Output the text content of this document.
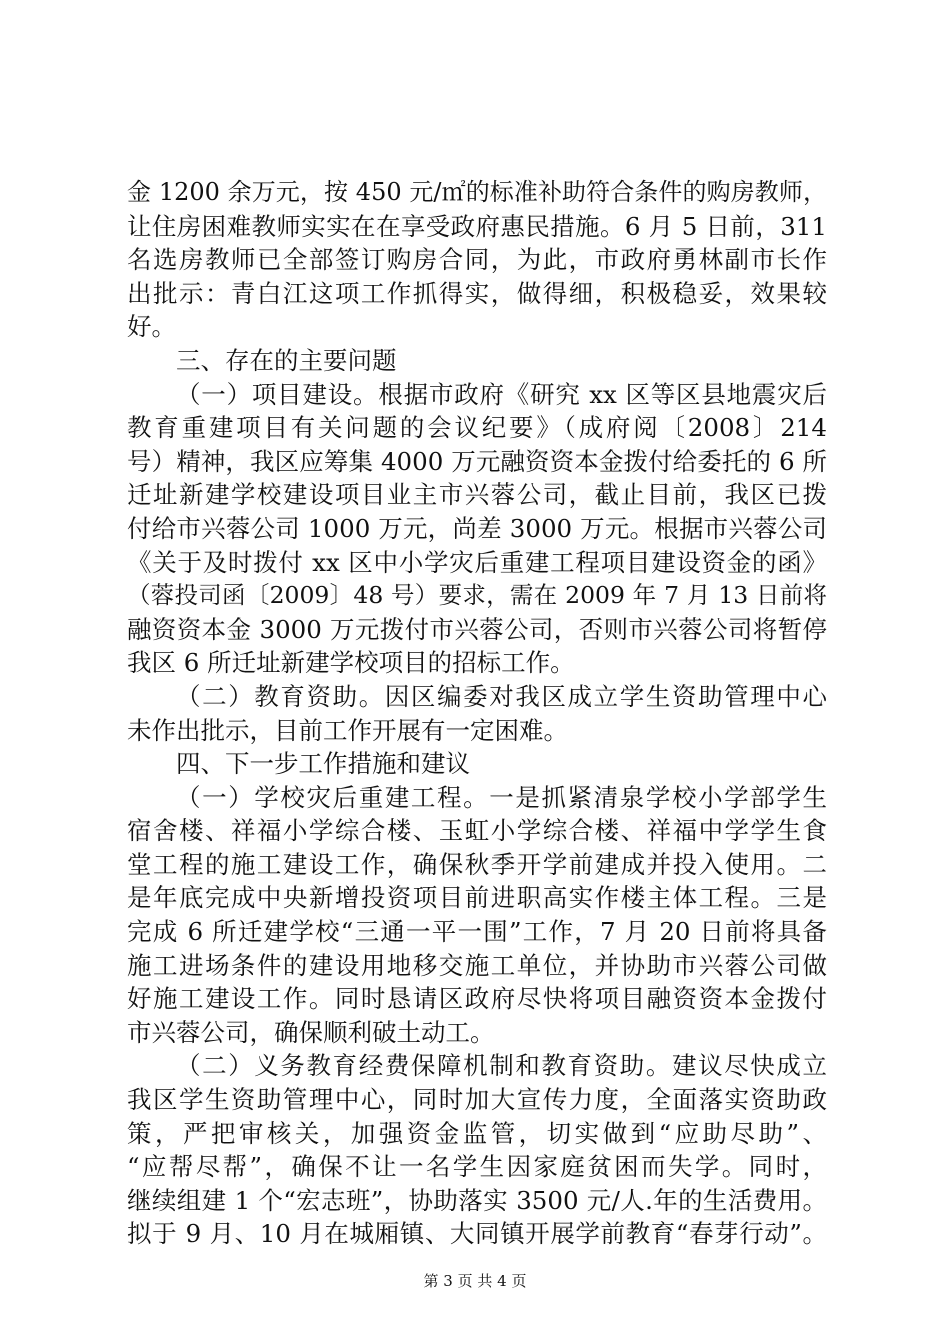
金 1200 余万元，按 450 元/㎡的标准补助符合条件的购房教师，
让住房困难教师实实在在享受政府惠民措施。6 月 5 日前，311
名选房教师已全部签订购房合同，为此，市政府勇林副市长作
出批示：青白江这项工作抓得实，做得细，积极稳妥，效果较
好。
三、存在的主要问题
（一）项目建设。根据市政府《研究 xx 区等区县地震灾后
教育重建项目有关问题的会议纪要》（成府阅〔2008〕214
号）精神，我区应筹集 4000 万元融资资本金拨付给委托的 6 所
迁址新建学校建设项目业主市兴蓉公司，截止目前，我区已拨
付给市兴蓉公司 1000 万元，尚差 3000 万元。根据市兴蓉公司
《关于及时拨付 xx 区中小学灾后重建工程项目建设资金的函》
（蓉投司函〔2009〕48 号）要求，需在 2009 年 7 月 13 日前将
融资资本金 3000 万元拨付市兴蓉公司，否则市兴蓉公司将暂停
我区 6 所迁址新建学校项目的招标工作。
（二）教育资助。因区编委对我区成立学生资助管理中心
未作出批示，目前工作开展有一定困难。
四、下一步工作措施和建议
（一）学校灾后重建工程。一是抓紧清泉学校小学部学生
宿舍楼、祥福小学综合楼、玉虹小学综合楼、祥福中学学生食
堂工程的施工建设工作，确保秋季开学前建成并投入使用。二
是年底完成中央新增投资项目前进职高实作楼主体工程。三是
完成 6 所迁建学校“三通一平一围”工作，7 月 20 日前将具备
施工进场条件的建设用地移交施工单位，并协助市兴蓉公司做
好施工建设工作。同时恳请区政府尽快将项目融资资本金拨付
市兴蓉公司，确保顺利破土动工。
（二）义务教育经费保障机制和教育资助。建议尽快成立
我区学生资助管理中心，同时加大宣传力度，全面落实资助政
策，严把审核关，加强资金监管，切实做到“应助尽助”、
“应帮尽帮”，确保不让一名学生因家庭贫困而失学。同时，
继续组建 1 个“宏志班”，协助落实 3500 元/人.年的生活费用。
拟于 9 月、10 月在城厢镇、大同镇开展学前教育“春芽行动”。
第 3 页 共 4 页
